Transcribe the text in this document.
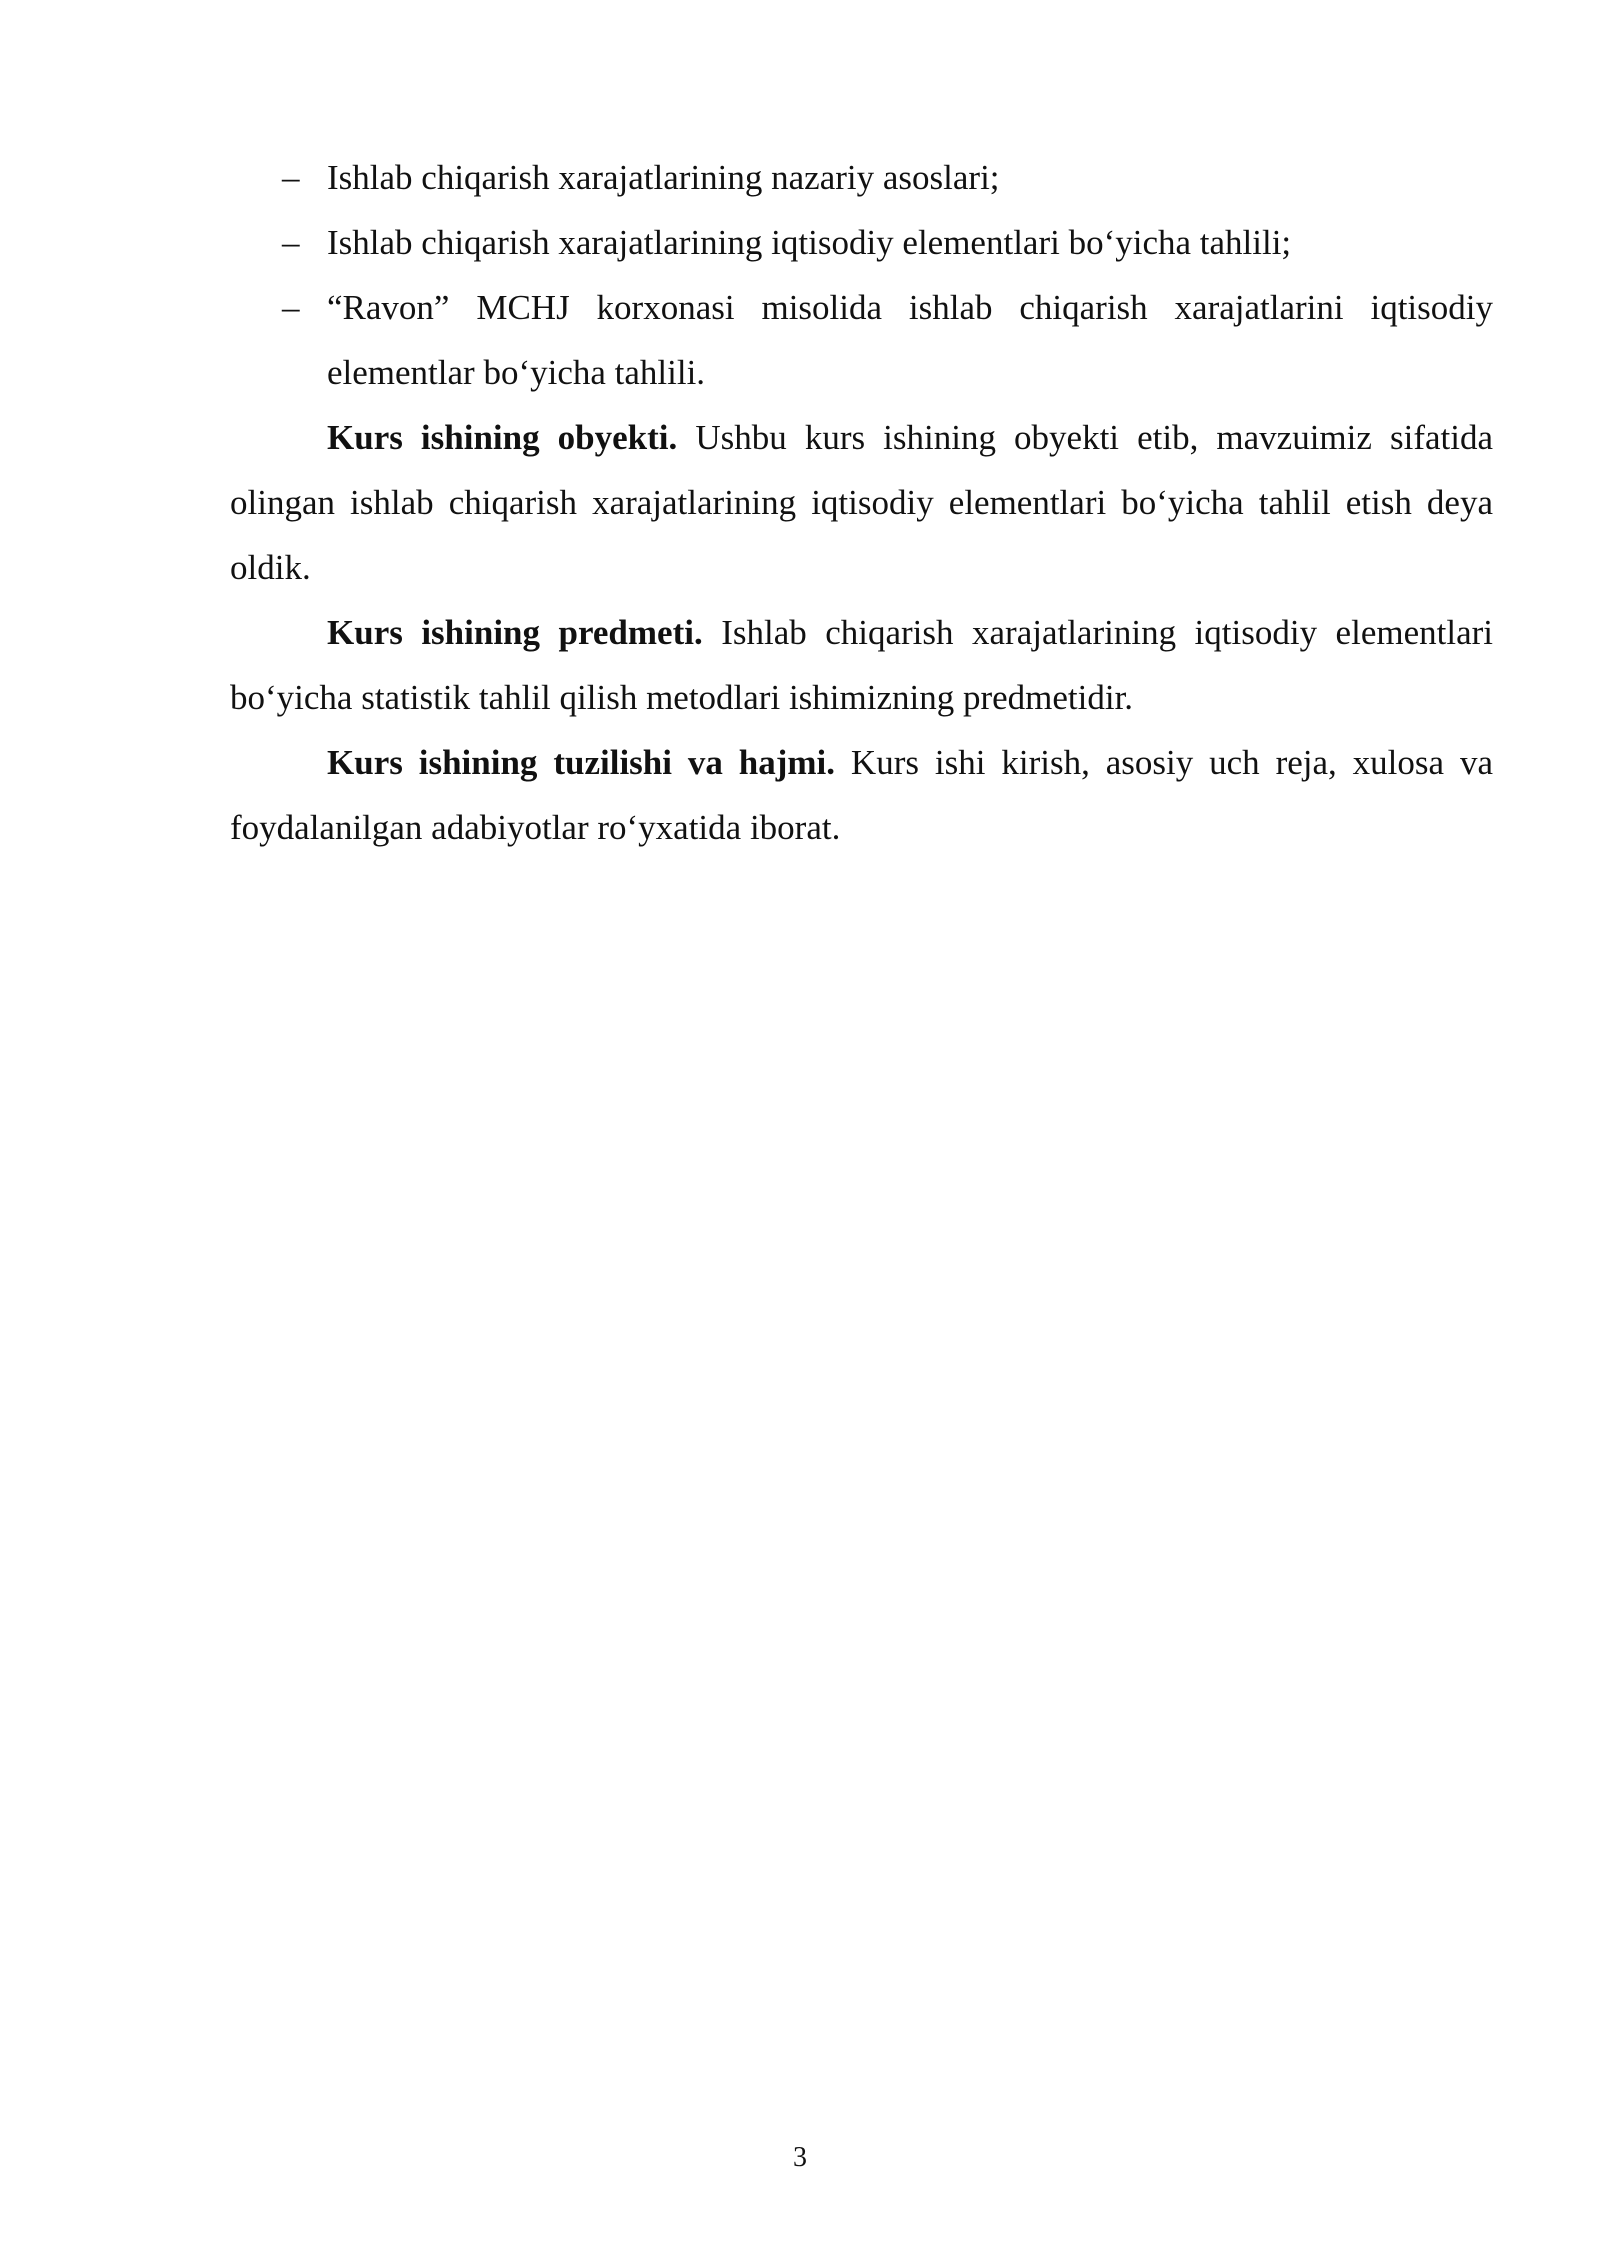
– Ishlab chiqarish xarajatlarining nazariy asoslari;
– Ishlab chiqarish xarajatlarining iqtisodiy elementlari bo‘yicha tahlili;
– “Ravon” MCHJ korxonasi misolida ishlab chiqarish xarajatlarini iqtisodiy elementlar bo‘yicha tahlili.

Kurs ishining obyekti. Ushbu kurs ishining obyekti etib, mavzuimiz sifatida olingan ishlab chiqarish xarajatlarining iqtisodiy elementlari bo‘yicha tahlil etish deya oldik.

Kurs ishining predmeti. Ishlab chiqarish xarajatlarining iqtisodiy elementlari bo‘yicha statistik tahlil qilish metodlari ishimizning predmetidir.

Kurs ishining tuzilishi va hajmi. Kurs ishi kirish, asosiy uch reja, xulosa va foydalanilgan adabiyotlar ro‘yxatida iborat.

3
